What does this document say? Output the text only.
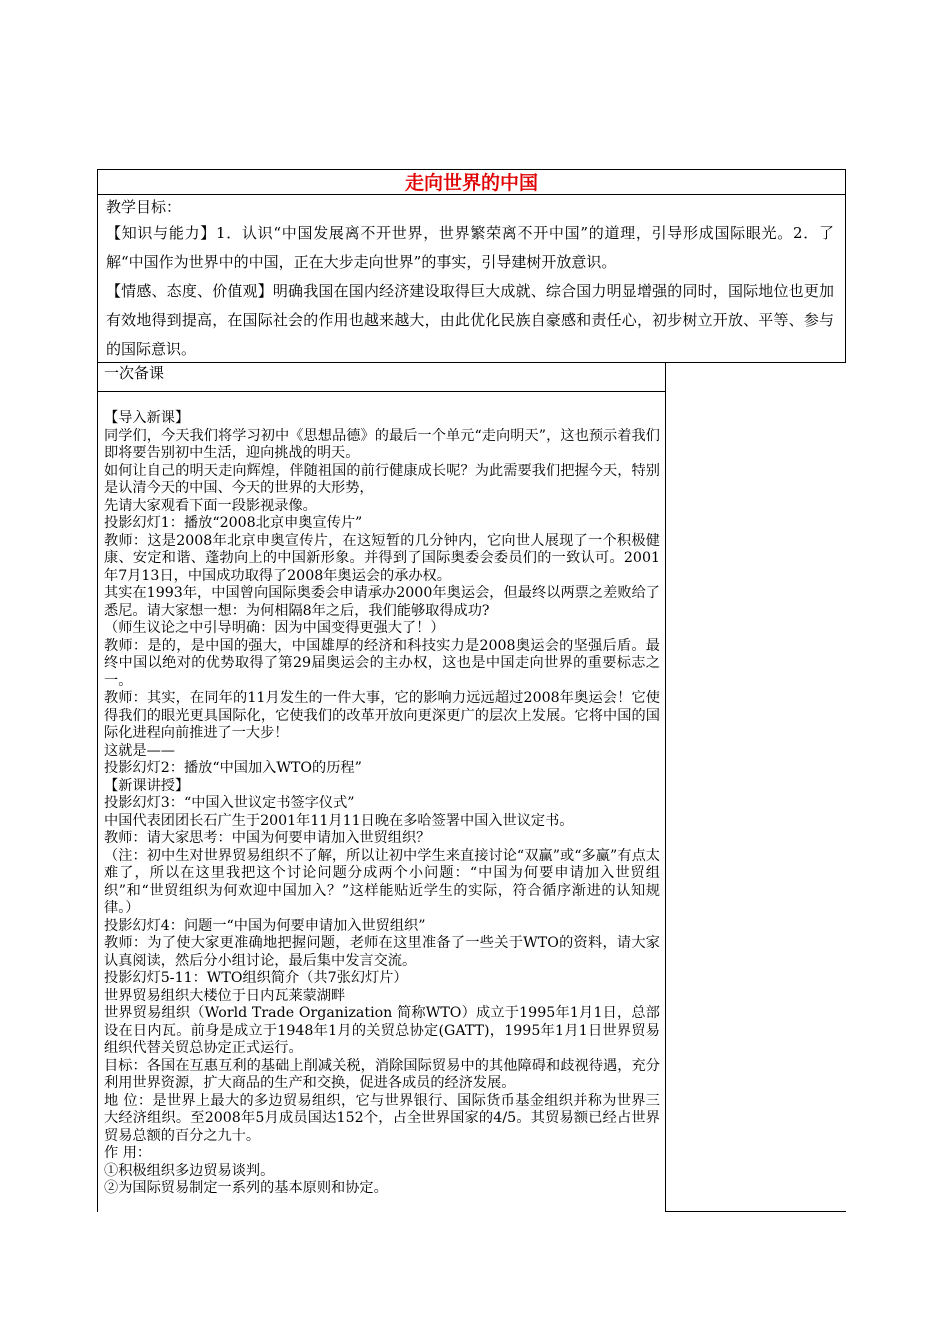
走向世界的中国

教学目标：

【知识与能力】1．认识“中国发展离不开世界，世界繁荣离不开中国”的道理，引导形成国际眼光。2．了解“中国作为世界中的中国，正在大步走向世界”的事实，引导建树开放意识。

【情感、态度、价值观】明确我国在国内经济建设取得巨大成就、综合国力明显增强的同时，国际地位也更加有效地得到提高，在国际社会的作用也越来越大，由此优化民族自豪感和责任心，初步树立开放、平等、参与的国际意识。

一次备课

【导入新课】

同学们，今天我们将学习初中《思想品德》的最后一个单元“走向明天”，这也预示着我们即将要告别初中生活，迎向挑战的明天。

如何让自己的明天走向辉煌，伴随祖国的前行健康成长呢？为此需要我们把握今天，特别是认清今天的中国、今天的世界的大形势，

先请大家观看下面一段影视录像。

投影幻灯1：播放“2008北京申奥宣传片”

教师：这是2008年北京申奥宣传片，在这短暂的几分钟内，它向世人展现了一个积极健康、安定和谐、蓬勃向上的中国新形象。并得到了国际奥委会委员们的一致认可。2001年7月13日，中国成功取得了2008年奥运会的承办权。

其实在1993年，中国曾向国际奥委会申请承办2000年奥运会，但最终以两票之差败给了悉尼。请大家想一想：为何相隔8年之后，我们能够取得成功?

（师生议论之中引导明确：因为中国变得更强大了！）

教师：是的，是中国的强大，中国雄厚的经济和科技实力是2008奥运会的坚强后盾。最终中国以绝对的优势取得了第29届奥运会的主办权，这也是中国走向世界的重要标志之一。

教师：其实，在同年的11月发生的一件大事，它的影响力远远超过2008年奥运会！它使得我们的眼光更具国际化，它使我们的改革开放向更深更广的层次上发展。它将中国的国际化进程向前推进了一大步！

这就是——

投影幻灯2：播放“中国加入WTO的历程”

【新课讲授】

投影幻灯3：“中国入世议定书签字仪式”

中国代表团团长石广生于2001年11月11日晚在多哈签署中国入世议定书。

教师：请大家思考：中国为何要申请加入世贸组织？

（注：初中生对世界贸易组织不了解，所以让初中学生来直接讨论“双赢”或“多赢”有点太难了，所以在这里我把这个讨论问题分成两个小问题：“中国为何要申请加入世贸组织”和“世贸组织为何欢迎中国加入？”这样能贴近学生的实际，符合循序渐进的认知规律。）

投影幻灯4：问题一“中国为何要申请加入世贸组织”

教师：为了使大家更准确地把握问题，老师在这里准备了一些关于WTO的资料，请大家认真阅读，然后分小组讨论，最后集中发言交流。

投影幻灯5-11：WTO组织简介（共7张幻灯片）

世界贸易组织大楼位于日内瓦莱蒙湖畔

世界贸易组织（World Trade Organization 简称WTO）成立于1995年1月1日，总部设在日内瓦。前身是成立于1948年1月的关贸总协定(GATT)，1995年1月1日世界贸易组织代替关贸总协定正式运行。

目标：各国在互惠互利的基础上削减关税，消除国际贸易中的其他障碍和歧视待遇，充分利用世界资源，扩大商品的生产和交换，促进各成员的经济发展。

地 位：是世界上最大的多边贸易组织，它与世界银行、国际货币基金组织并称为世界三大经济组织。至2008年5月成员国达152个，占全世界国家的4/5。其贸易额已经占世界贸易总额的百分之九十。

作 用：

①积极组织多边贸易谈判。

②为国际贸易制定一系列的基本原则和协定。
